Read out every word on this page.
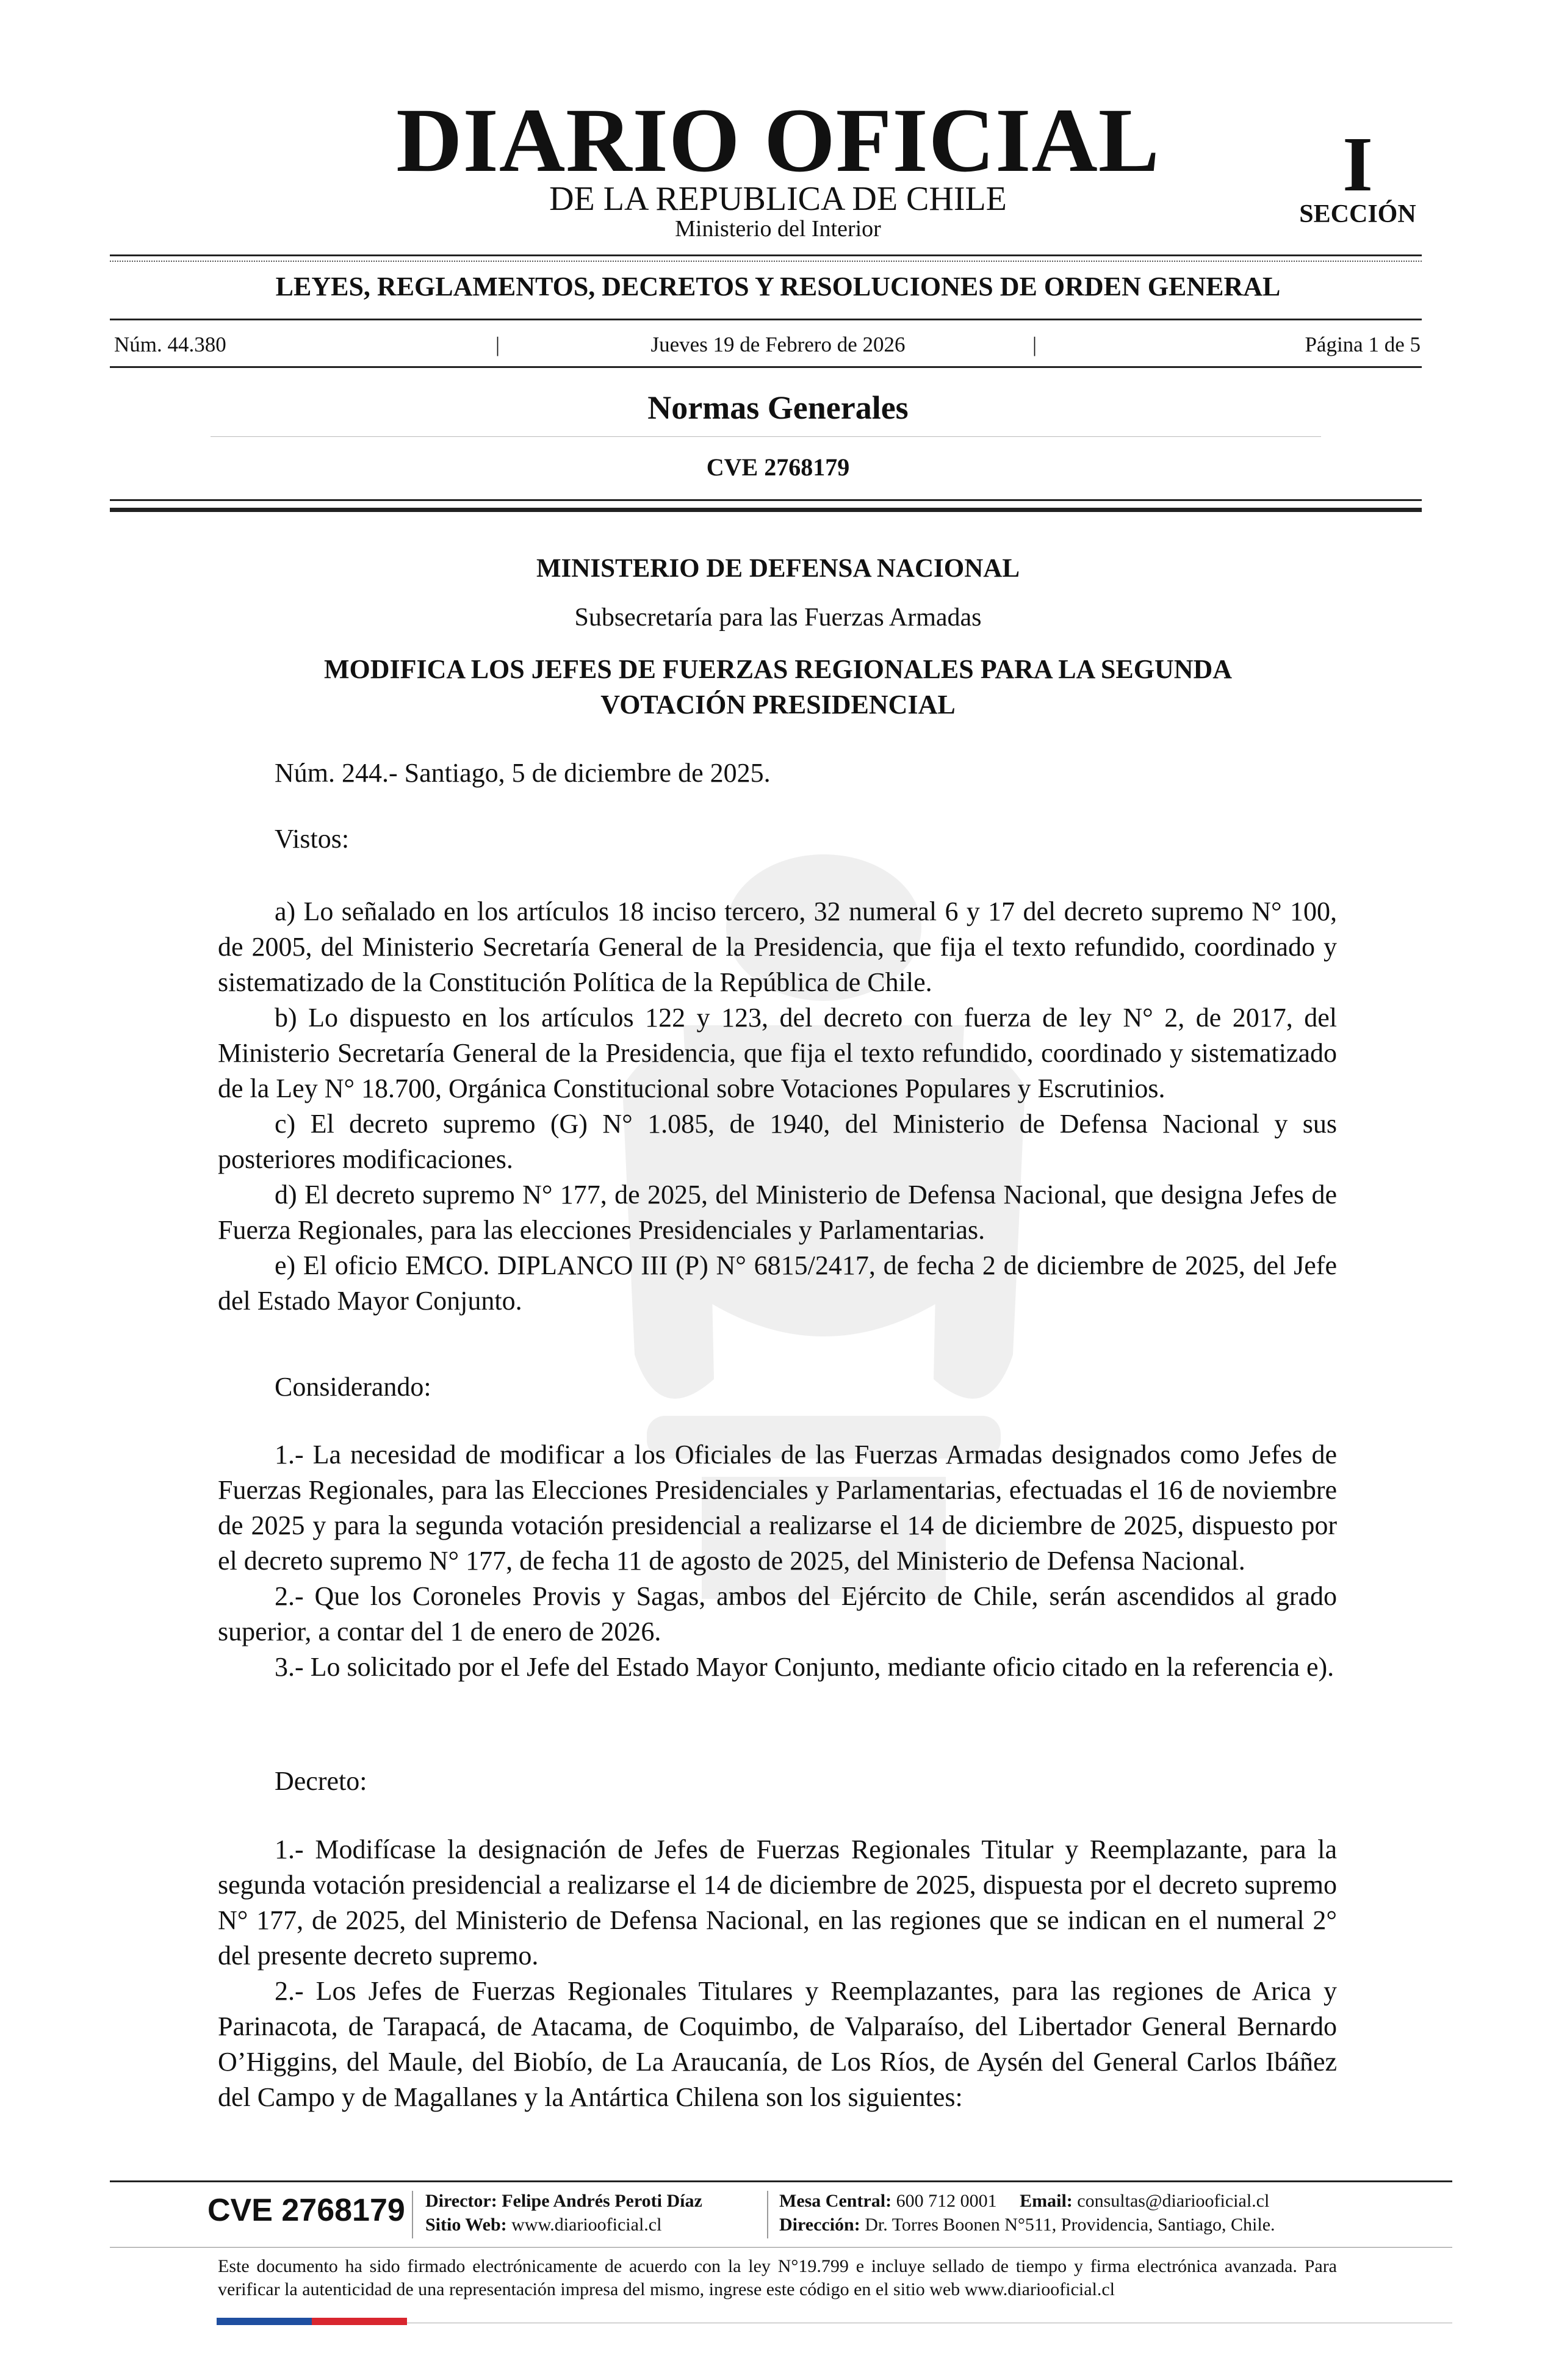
DIARIO OFICIAL
DE LA REPUBLICA DE CHILE
Ministerio del Interior
I
SECCIÓN
LEYES, REGLAMENTOS, DECRETOS Y RESOLUCIONES DE ORDEN GENERAL
Núm. 44.380	|	Jueves 19 de Febrero de 2026	|	Página 1 de 5
Normas Generales
CVE 2768179
MINISTERIO DE DEFENSA NACIONAL
Subsecretaría para las Fuerzas Armadas
MODIFICA LOS JEFES DE FUERZAS REGIONALES PARA LA SEGUNDA VOTACIÓN PRESIDENCIAL
Núm. 244.- Santiago, 5 de diciembre de 2025.
Vistos:

a) Lo señalado en los artículos 18 inciso tercero, 32 numeral 6 y 17 del decreto supremo N° 100, de 2005, del Ministerio Secretaría General de la Presidencia, que fija el texto refundido, coordinado y sistematizado de la Constitución Política de la República de Chile.

b) Lo dispuesto en los artículos 122 y 123, del decreto con fuerza de ley N° 2, de 2017, del Ministerio Secretaría General de la Presidencia, que fija el texto refundido, coordinado y sistematizado de la Ley N° 18.700, Orgánica Constitucional sobre Votaciones Populares y Escrutinios.

c) El decreto supremo (G) N° 1.085, de 1940, del Ministerio de Defensa Nacional y sus posteriores modificaciones.

d) El decreto supremo N° 177, de 2025, del Ministerio de Defensa Nacional, que designa Jefes de Fuerza Regionales, para las elecciones Presidenciales y Parlamentarias.

e) El oficio EMCO. DIPLANCO III (P) N° 6815/2417, de fecha 2 de diciembre de 2025, del Jefe del Estado Mayor Conjunto.

Considerando:

1.- La necesidad de modificar a los Oficiales de las Fuerzas Armadas designados como Jefes de Fuerzas Regionales, para las Elecciones Presidenciales y Parlamentarias, efectuadas el 16 de noviembre de 2025 y para la segunda votación presidencial a realizarse el 14 de diciembre de 2025, dispuesto por el decreto supremo N° 177, de fecha 11 de agosto de 2025, del Ministerio de Defensa Nacional.

2.- Que los Coroneles Provis y Sagas, ambos del Ejército de Chile, serán ascendidos al grado superior, a contar del 1 de enero de 2026.

3.- Lo solicitado por el Jefe del Estado Mayor Conjunto, mediante oficio citado en la referencia e).

Decreto:

1.- Modifícase la designación de Jefes de Fuerzas Regionales Titular y Reemplazante, para la segunda votación presidencial a realizarse el 14 de diciembre de 2025, dispuesta por el decreto supremo N° 177, de 2025, del Ministerio de Defensa Nacional, en las regiones que se indican en el numeral 2° del presente decreto supremo.

2.- Los Jefes de Fuerzas Regionales Titulares y Reemplazantes, para las regiones de Arica y Parinacota, de Tarapacá, de Atacama, de Coquimbo, de Valparaíso, del Libertador General Bernardo O’Higgins, del Maule, del Biobío, de La Araucanía, de Los Ríos, de Aysén del General Carlos Ibáñez del Campo y de Magallanes y la Antártica Chilena son los siguientes:

CVE 2768179 Director: Felipe Andrés Peroti Díaz
Sitio Web: www.diariooficial.cl
Mesa Central: 600 712 0001 Email: consultas@diariooficial.cl
Dirección: Dr. Torres Boonen N°511, Providencia, Santiago, Chile.
Este documento ha sido firmado electrónicamente de acuerdo con la ley N°19.799 e incluye sellado de tiempo y firma electrónica avanzada. Para verificar la autenticidad de una representación impresa del mismo, ingrese este código en el sitio web www.diariooficial.cl
